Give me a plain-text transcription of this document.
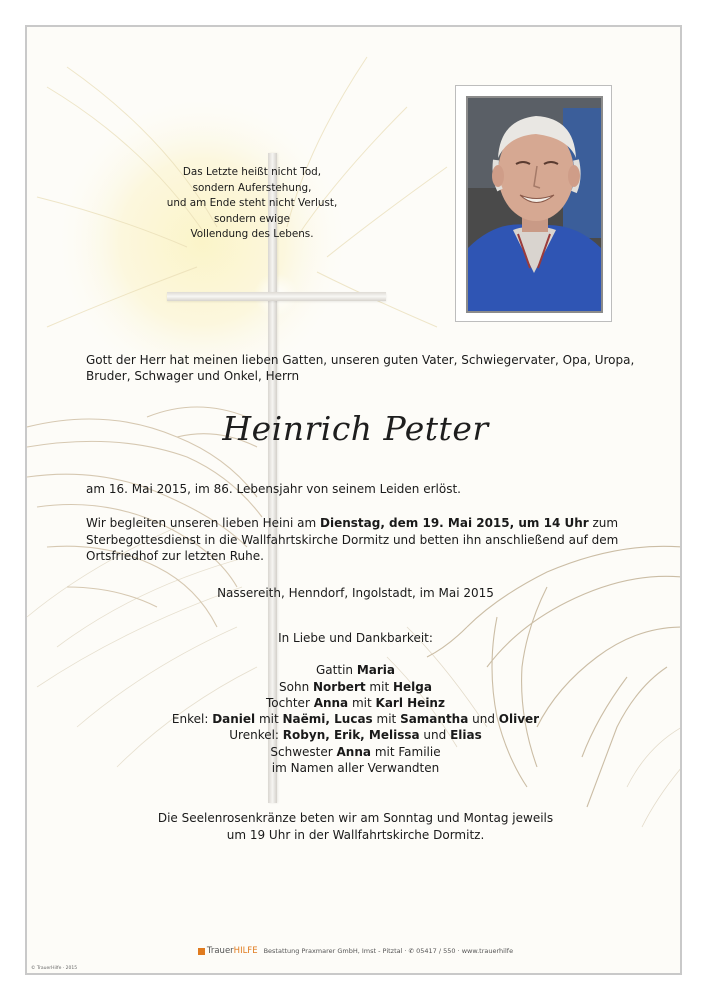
Das Letzte heißt nicht Tod,
sondern Auferstehung,
und am Ende steht nicht Verlust,
sondern ewige
Vollendung des Lebens.
Gott der Herr hat meinen lieben Gatten, unseren guten Vater, Schwiegervater, Opa, Uropa, Bruder, Schwager und Onkel, Herrn
Heinrich Petter
am 16. Mai 2015, im 86. Lebensjahr von seinem Leiden erlöst.
Wir begleiten unseren lieben Heini am Dienstag, dem 19. Mai 2015, um 14 Uhr zum Sterbegottesdienst in die Wallfahrtskirche Dormitz und betten ihn anschließend auf dem Ortsfriedhof zur letzten Ruhe.
Nassereith, Henndorf, Ingolstadt, im Mai 2015
In Liebe und Dankbarkeit:
Gattin Maria
Sohn Norbert mit Helga
Tochter Anna mit Karl Heinz
Enkel: Daniel mit Naëmi, Lucas mit Samantha und Oliver
Urenkel: Robyn, Erik, Melissa und Elias
Schwester Anna mit Familie
im Namen aller Verwandten
Die Seelenrosenkränze beten wir am Sonntag und Montag jeweils
um 19 Uhr in der Wallfahrtskirche Dormitz.
TrauerHILFE Bestattung Praxmarer GmbH, Imst - Pitztal · ✆ 05417 / 550 · www.trauerhilfe
© TrauerHilfe · 2015
